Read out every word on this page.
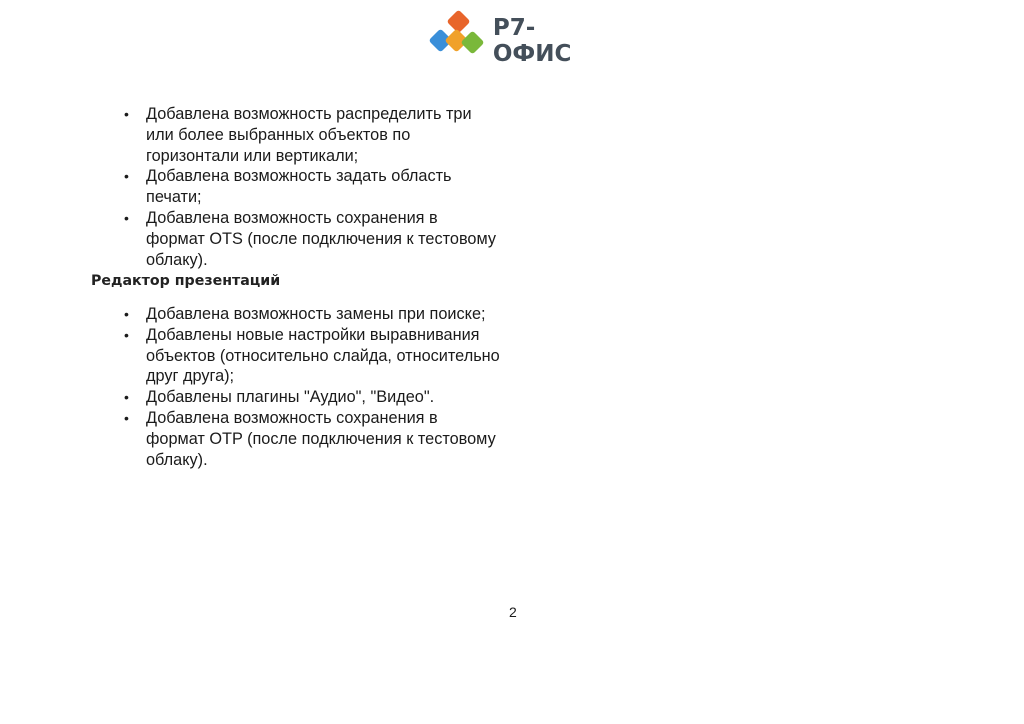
Р7-ОФИС
• Добавлена возможность распределить три или более выбранных объектов по горизонтали или вертикали;
• Добавлена возможность задать область печати;
• Добавлена возможность сохранения в формат OTS (после подключения к тестовому облаку).
Редактор презентаций
• Добавлена возможность замены при поиске;
• Добавлены новые настройки выравнивания объектов (относительно слайда, относительно друг друга);
• Добавлены плагины "Аудио", "Видео".
• Добавлена возможность сохранения в формат OTP (после подключения к тестовому облаку).
2
